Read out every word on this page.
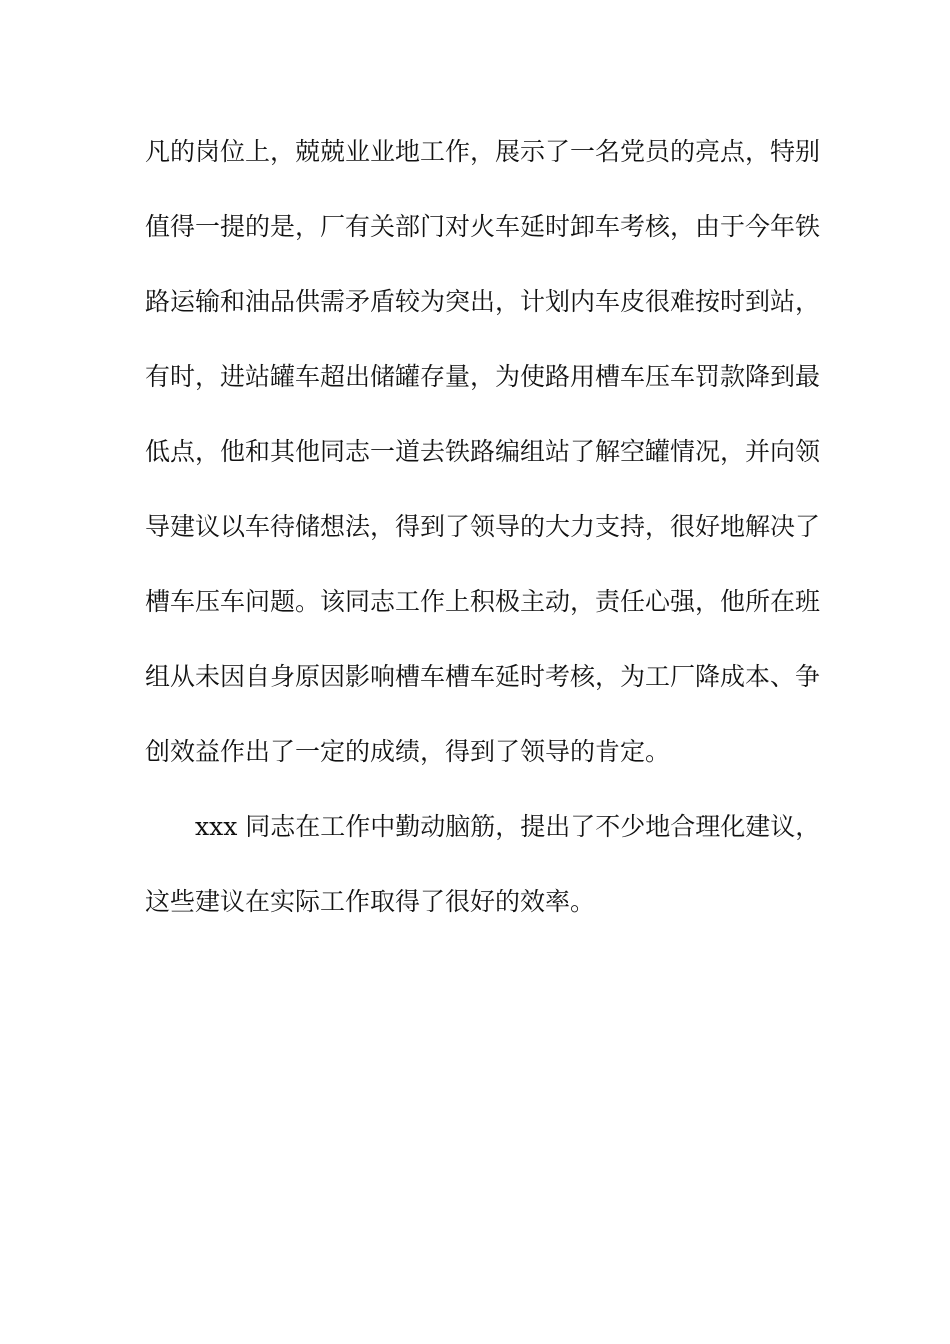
凡的岗位上，兢兢业业地工作，展示了一名党员的亮点，特别
值得一提的是，厂有关部门对火车延时卸车考核，由于今年铁
路运输和油品供需矛盾较为突出，计划内车皮很难按时到站，
有时，进站罐车超出储罐存量，为使路用槽车压车罚款降到最
低点，他和其他同志一道去铁路编组站了解空罐情况，并向领
导建议以车待储想法，得到了领导的大力支持，很好地解决了
槽车压车问题。该同志工作上积极主动，责任心强，他所在班
组从未因自身原因影响槽车槽车延时考核，为工厂降成本、争
创效益作出了一定的成绩，得到了领导的肯定。
xxx 同志在工作中勤动脑筋，提出了不少地合理化建议，
这些建议在实际工作取得了很好的效率。
